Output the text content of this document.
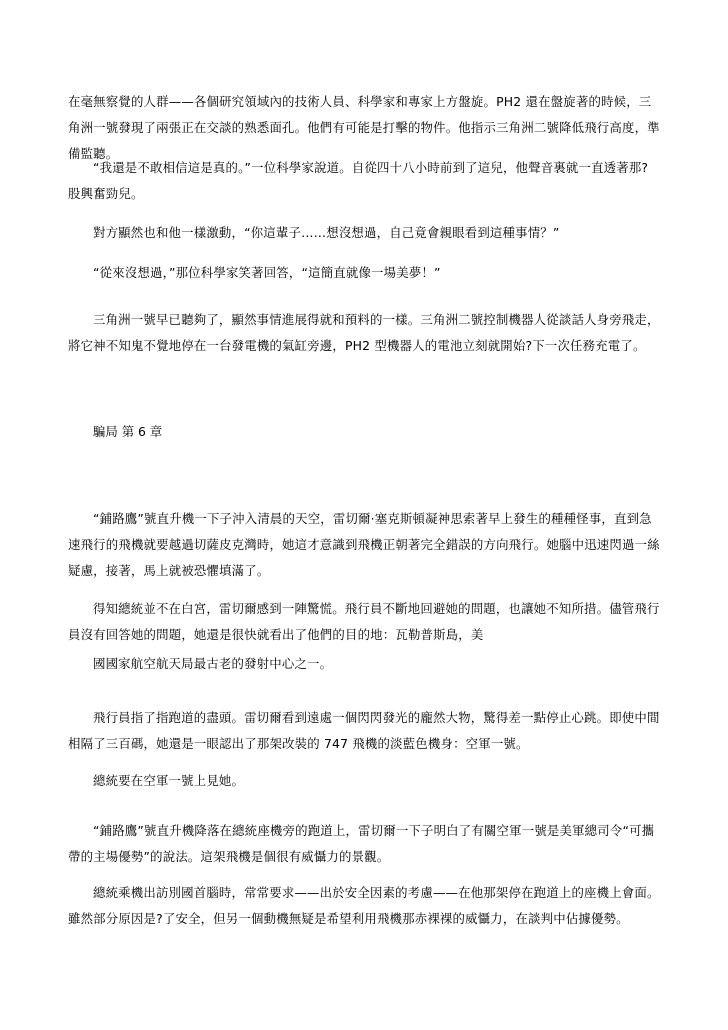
在毫無察覺的人群——各個研究領域內的技術人員、科學家和專家上方盤旋。PH2 還在盤旋著的時候，三角洲一號發現了兩張正在交談的熟悉面孔。他們有可能是打擊的物件。他指示三角洲二號降低飛行高度，準備監聽。

“我還是不敢相信這是真的。”一位科學家說道。自從四十八小時前到了這兒，他聲音裏就一直透著那?股興奮勁兒。

對方顯然也和他一樣激動，“你這輩子……想沒想過，自己竟會親眼看到這種事情？”

“從來沒想過，”那位科學家笑著回答，“這簡直就像一場美夢！”

三角洲一號早已聽夠了，顯然事情進展得就和預料的一樣。三角洲二號控制機器人從談話人身旁飛走，將它神不知鬼不覺地停在一台發電機的氣缸旁邊，PH2 型機器人的電池立刻就開始?下一次任務充電了。

騙局 第 6 章

“鋪路鷹”號直升機一下子沖入清晨的天空，雷切爾·塞克斯頓凝神思索著早上發生的種種怪事，直到急速飛行的飛機就要越過切薩皮克灣時，她這才意識到飛機正朝著完全錯誤的方向飛行。她腦中迅速閃過一絲疑慮，接著，馬上就被恐懼填滿了。

得知總統並不在白宮，雷切爾感到一陣驚慌。飛行員不斷地回避她的問題，也讓她不知所措。儘管飛行員沒有回答她的問題，她還是很快就看出了他們的目的地：瓦勒普斯島，美

國國家航空航天局最古老的發射中心之一。

飛行員指了指跑道的盡頭。雷切爾看到遠處一個閃閃發光的龐然大物，驚得差一點停止心跳。即使中間相隔了三百碼，她還是一眼認出了那架改裝的 747 飛機的淡藍色機身：空軍一號。

總統要在空軍一號上見她。

“鋪路鷹”號直升機降落在總統座機旁的跑道上，雷切爾一下子明白了有關空軍一號是美軍總司令“可攜帶的主場優勢”的說法。這架飛機是個很有威懾力的景觀。

總統乘機出訪別國首腦時，常常要求——出於安全因素的考慮——在他那架停在跑道上的座機上會面。雖然部分原因是?了安全，但另一個動機無疑是希望利用飛機那赤裸裸的威懾力，在談判中佔據優勢。
